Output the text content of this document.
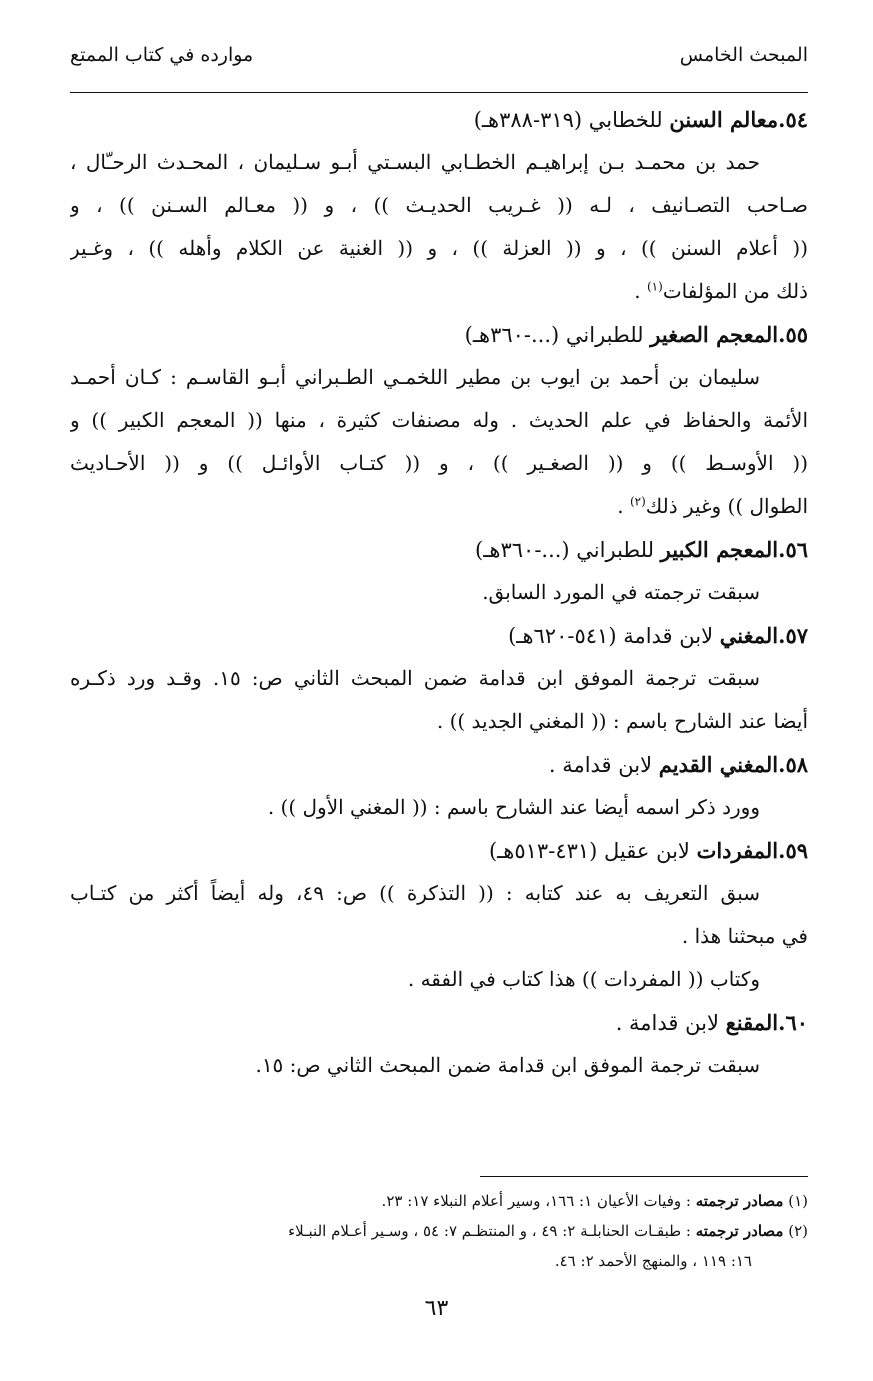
المبحث الخامس
موارده في كتاب الممتع
٥٤.معالم السنن للخطابي (٣١٩-٣٨٨هـ)
حمد بن محمـد بـن إبراهيـم الخطـابي البسـتي أبـو سـليمان ، المحـدث الرحـّال ،
صـاحب التصـانيف ، لـه (( غـريب الحديـث )) ، و (( معـالم السـنن )) ، و
(( أعلام السنن )) ، و (( العزلة )) ، و (( الغنية عن الكلام وأهله )) ، وغـير
ذلك من المؤلفات$^{(١)}$ .
٥٥.المعجم الصغير للطبراني (...-٣٦٠هـ)
سليمان بن أحمد بن ايوب بن مطير اللخمـي الطـبراني أبـو القاسـم : كـان أحمـد
الأئمة والحفاظ في علم الحديث . وله مصنفات كثيرة ، منها (( المعجم الكبير )) و
(( الأوسـط )) و (( الصغـير )) ، و (( كتـاب الأوائـل )) و (( الأحـاديث
الطوال )) وغير ذلك$^{(٢)}$ .
٥٦.المعجم الكبير للطبراني (...-٣٦٠هـ)
سبقت ترجمته في المورد السابق.
٥٧.المغني لابن قدامة (٥٤١-٦٢٠هـ)
سبقت ترجمة الموفق ابن قدامة ضمن المبحث الثاني ص: ١٥. وقـد ورد ذكـره
أيضا عند الشارح باسم : (( المغني الجديد )) .
٥٨.المغني القديم لابن قدامة .
وورد ذكر اسمه أيضا عند الشارح باسم : (( المغني الأول )) .
٥٩.المفردات لابن عقيل (٤٣١-٥١٣هـ)
سبق التعريف به عند كتابه : (( التذكرة )) ص: ٤٩، وله أيضاً أكثر من كتـاب
في مبحثنا هذا .
وكتاب (( المفردات )) هذا كتاب في الفقه .
٦٠.المقنع لابن قدامة .
سبقت ترجمة الموفق ابن قدامة ضمن المبحث الثاني ص: ١٥.
(١) مصادر ترجمته : وفيات الأعيان ١: ١٦٦، وسير أعلام النبلاء ١٧: ٢٣.
(٢) مصادر ترجمته : طبقـات الحنابلـة ٢: ٤٩ ، و المنتظـم ٧: ٥٤ ، وسـير أعـلام النبـلاء
١٦: ١١٩ ، والمنهج الأحمد ٢: ٤٦.
٦٣
